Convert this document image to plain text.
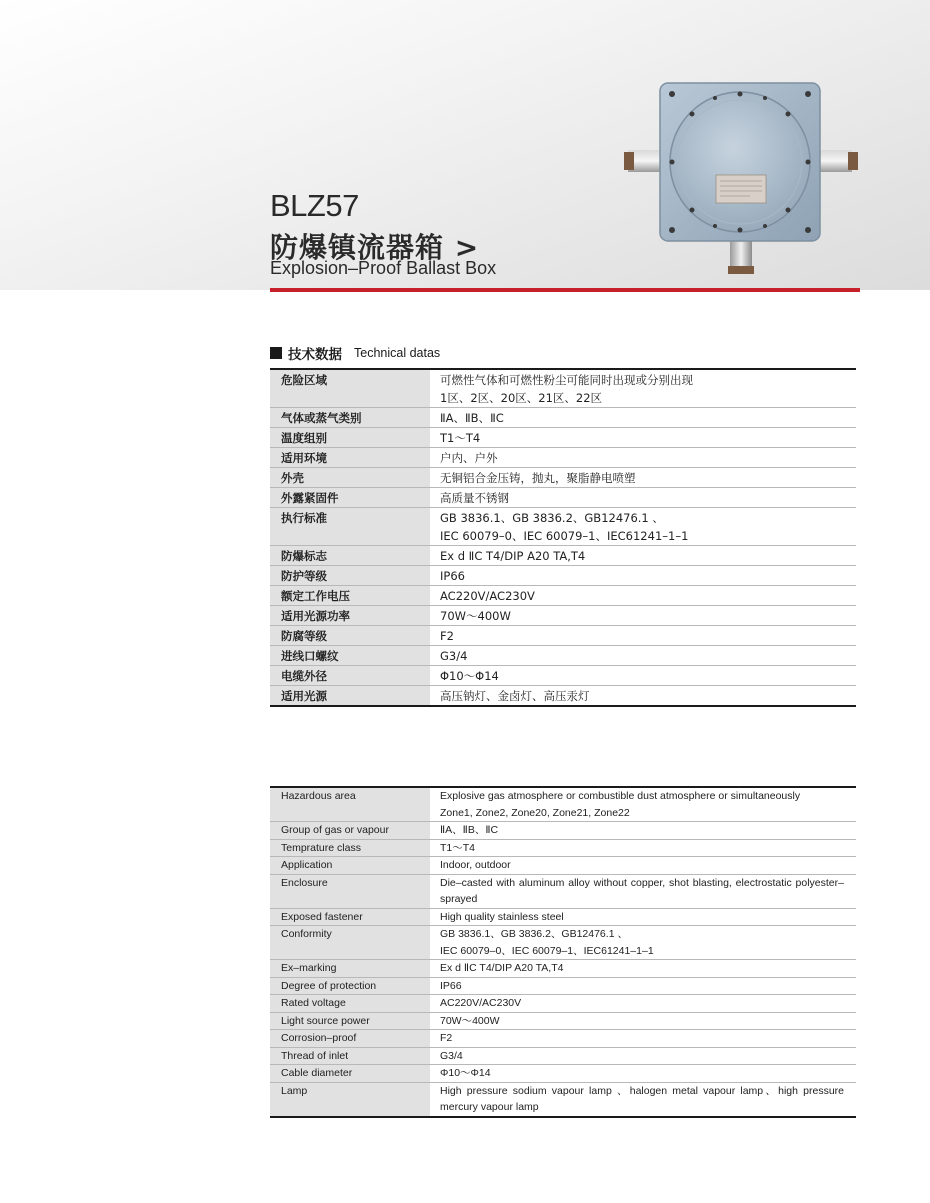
BLZ57
防爆镇流器箱 >
Explosion–Proof Ballast Box
技术数据 Technical datas
危险区域	可燃性气体和可燃性粉尘可能同时出现或分别出现
1区、2区、20区、21区、22区

气体或蒸气类别	ⅡA、ⅡB、ⅡC

温度组别	T1～T4

适用环境	户内、户外

外壳	无铜铝合金压铸，抛丸，聚脂静电喷塑

外露紧固件	高质量不锈钢

执行标准	GB 3836.1、GB 3836.2、GB12476.1 、
IEC 60079–0、IEC 60079–1、IEC61241–1–1

防爆标志	Ex d ⅡC T4/DIP A20 TA,T4

防护等级	IP66

额定工作电压	AC220V/AC230V

适用光源功率	70W～400W

防腐等级	F2

进线口螺纹	G3/4

电缆外径	Φ10～Φ14

适用光源	高压钠灯、金卤灯、高压汞灯
Hazardous area	Explosive gas atmosphere or combustible dust atmosphere or simultaneously
Zone1, Zone2, Zone20, Zone21, Zone22

Group of gas or vapour	ⅡA、ⅡB、ⅡC

Temprature class	T1～T4

Application	Indoor, outdoor

Enclosure	Die–casted with aluminum alloy without copper, shot blasting, electrostatic polyester–sprayed

Exposed fastener	High quality stainless steel

Conformity	GB 3836.1、GB 3836.2、GB12476.1 、
IEC 60079–0、IEC 60079–1、IEC61241–1–1

Ex–marking	Ex d ⅡC T4/DIP A20 TA,T4

Degree of protection	IP66

Rated voltage	AC220V/AC230V

Light source power	70W～400W

Corrosion–proof	F2

Thread of inlet	G3/4

Cable diameter	Φ10～Φ14

Lamp	High pressure sodium vapour lamp 、halogen metal vapour lamp、high pressure mercury vapour lamp
